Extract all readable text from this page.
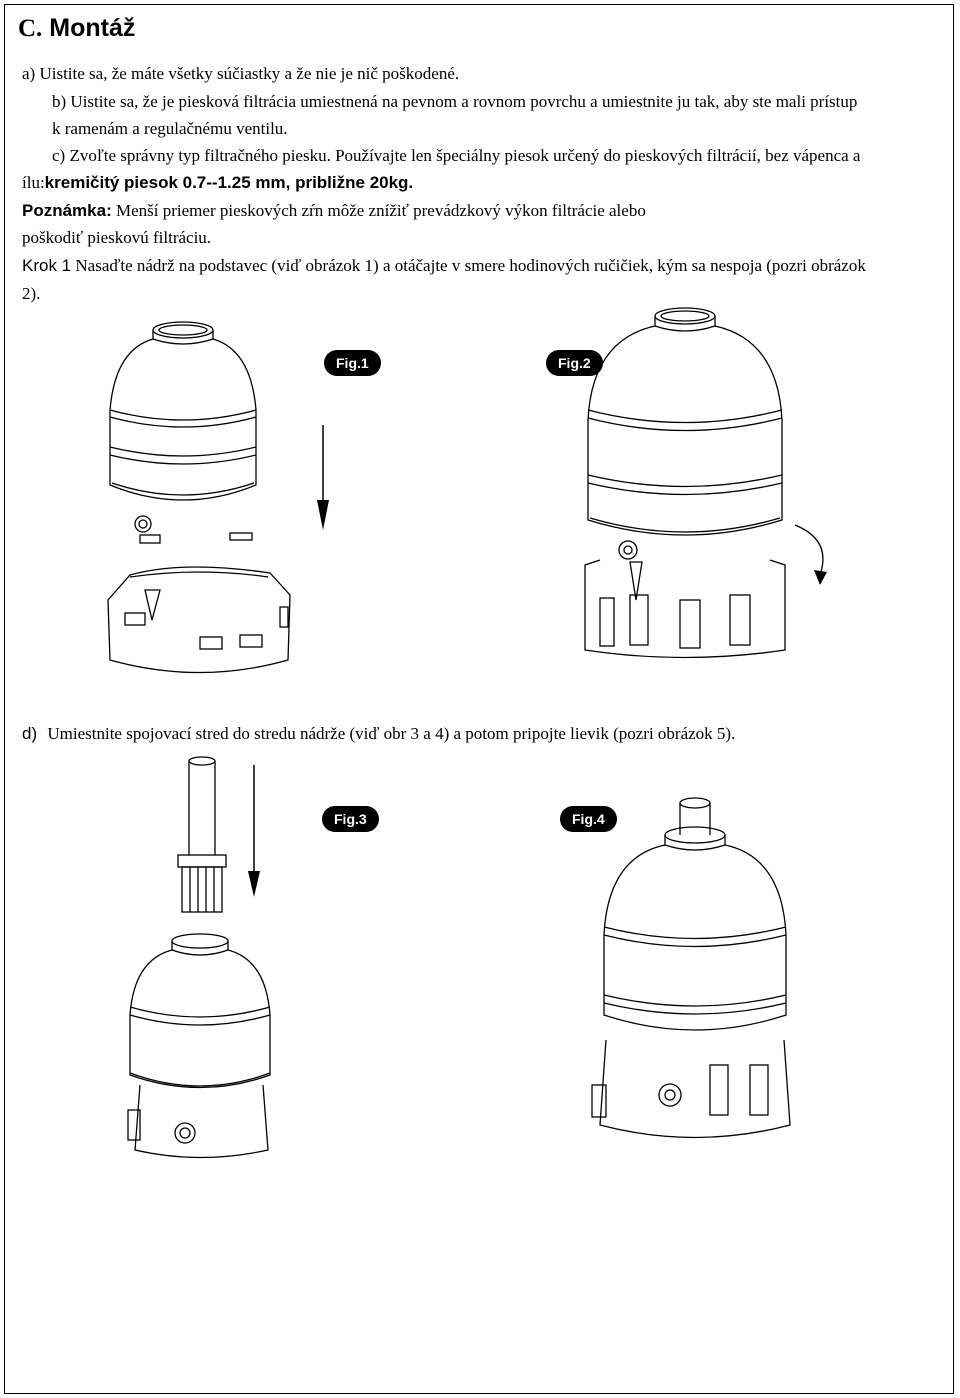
C. Montáž
a) Uistite sa, že máte všetky súčiastky a že nie je nič poškodené.
b) Uistite sa, že je piesková filtrácia umiestnená na pevnom a rovnom povrchu a umiestnite ju tak, aby ste mali prístup
k ramenám a regulačnému ventilu.
c) Zvoľte správny typ filtračného piesku. Používajte len špeciálny piesok určený do pieskových filtrácií, bez vápenca a
ílu:kremičitý piesok 0.7--1.25 mm, približne 20kg.
Poznámka: Menší priemer pieskových zŕn môže znížiť prevádzkový výkon filtrácie alebo
poškodiť pieskovú filtráciu.
Krok 1 Nasaďte nádrž na podstavec (viď obrázok 1) a otáčajte v smere hodinových ručičiek, kým sa nespoja (pozri obrázok
2).
d) Umiestnite spojovací stred do stredu nádrže (viď obr 3 a 4) a potom pripojte lievik (pozri obrázok 5).
Fig.1	Fig.2
Fig.3	Fig.4
